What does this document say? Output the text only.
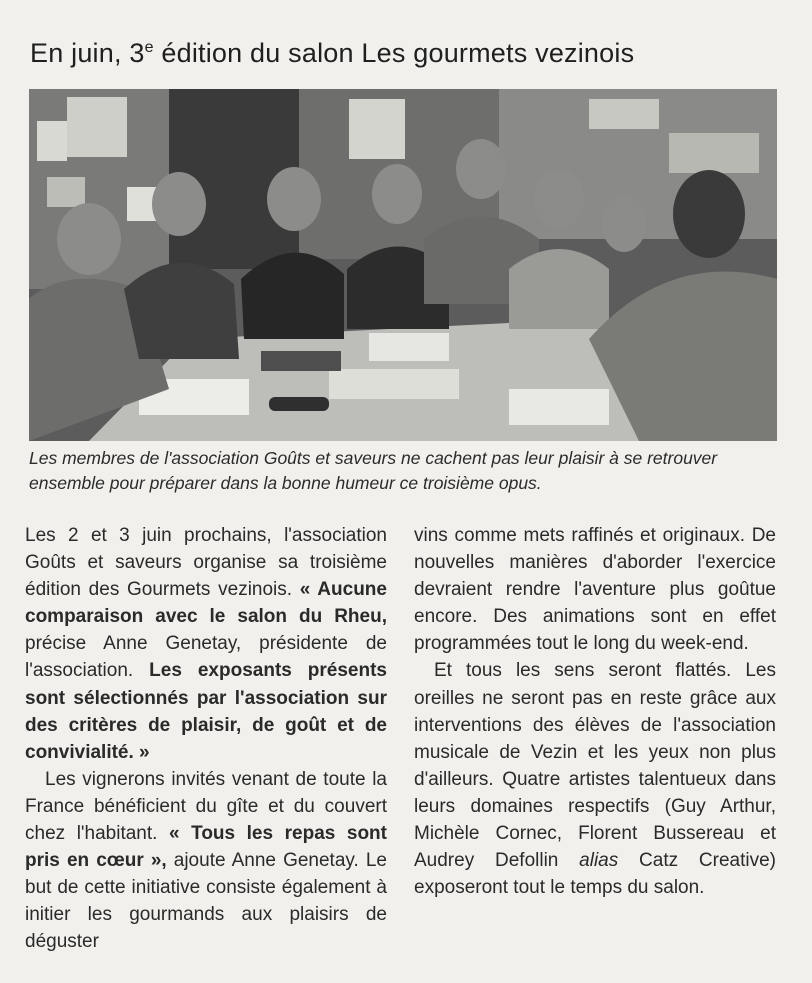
En juin, 3e édition du salon Les gourmets vezinois
Les membres de l'association Goûts et saveurs ne cachent pas leur plaisir à se retrouver ensemble pour préparer dans la bonne humeur ce troisième opus.

Les 2 et 3 juin prochains, l'association Goûts et saveurs organise sa troisième édition des Gourmets vezinois. « Aucune comparaison avec le salon du Rheu, précise Anne Genetay, présidente de l'association. Les exposants présents sont sélectionnés par l'association sur des critères de plaisir, de goût et de convivialité. »

Les vignerons invités venant de toute la France bénéficient du gîte et du couvert chez l'habitant. « Tous les repas sont pris en cœur », ajoute Anne Genetay. Le but de cette initiative consiste également à initier les gourmands aux plaisirs de déguster

vins comme mets raffinés et originaux. De nouvelles manières d'aborder l'exercice devraient rendre l'aventure plus goûtue encore. Des animations sont en effet programmées tout le long du week-end.

Et tous les sens seront flattés. Les oreilles ne seront pas en reste grâce aux interventions des élèves de l'association musicale de Vezin et les yeux non plus d'ailleurs. Quatre artistes talentueux dans leurs domaines respectifs (Guy Arthur, Michèle Cornec, Florent Bussereau et Audrey Defollin alias Catz Creative) exposeront tout le temps du salon.
